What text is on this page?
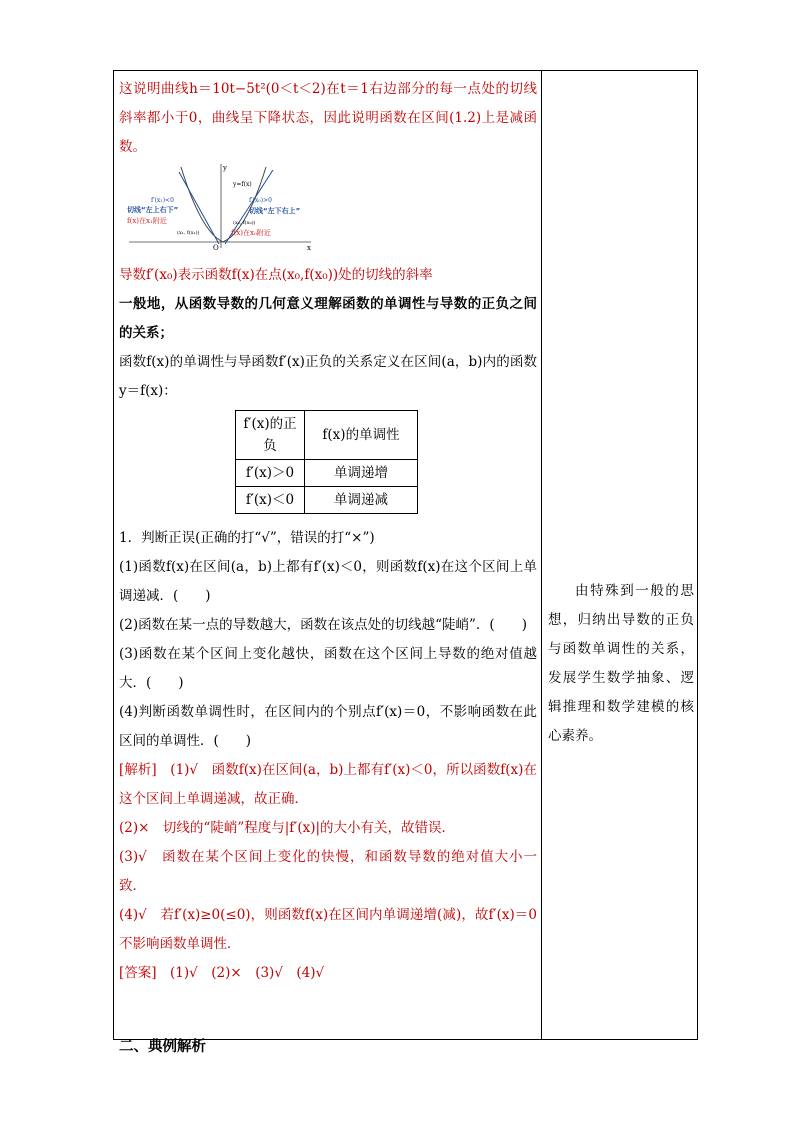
这说明曲线h＝10t−5t²(0＜t＜2)在t＝1右边部分的每一点处的切线斜率都小于0，曲线呈下降状态，因此说明函数在区间(1.2)上是减函数。

y
x
O
y=f(x)
f′(x₁)<0
切线“左上右下”
f(x)在x₁附近
(x₁, f(x₁))
f′(x₀)>0
切线“左下右上”
(x₀, f(x₀))
f(x)在x₀附近

导数f′(x₀)表示函数f(x)在点(x₀,f(x₀))处的切线的斜率

一般地，从函数导数的几何意义理解函数的单调性与导数的正负之间的关系；

函数f(x)的单调性与导函数f′(x)正负的关系定义在区间(a，b)内的函数y＝f(x)：

f′(x)的正负	f(x)的单调性
f′(x)＞0	单调递增
f′(x)＜0	单调递减

1．判断正误(正确的打“√”，错误的打“×”)

(1)函数f(x)在区间(a，b)上都有f′(x)＜0，则函数f(x)在这个区间上单调递减．(　　)

(2)函数在某一点的导数越大，函数在该点处的切线越“陡峭”．(　　)

(3)函数在某个区间上变化越快，函数在这个区间上导数的绝对值越大．(　　)

(4)判断函数单调性时，在区间内的个别点f′(x)＝0，不影响函数在此区间的单调性．(　　)

[解析]　(1)√　函数f(x)在区间(a，b)上都有f′(x)＜0，所以函数f(x)在这个区间上单调递减，故正确．

(2)×　切线的“陡峭”程度与|f′(x)|的大小有关，故错误．

(3)√　函数在某个区间上变化的快慢，和函数导数的绝对值大小一致．

(4)√　若f′(x)≥0(≤0)，则函数f(x)在区间内单调递增(减)，故f′(x)＝0不影响函数单调性．

[答案]　(1)√　(2)×　(3)√　(4)√

二、典例解析

由特殊到一般的思想，归纳出导数的正负与函数单调性的关系，发展学生数学抽象、逻辑推理和数学建模的核心素养。
